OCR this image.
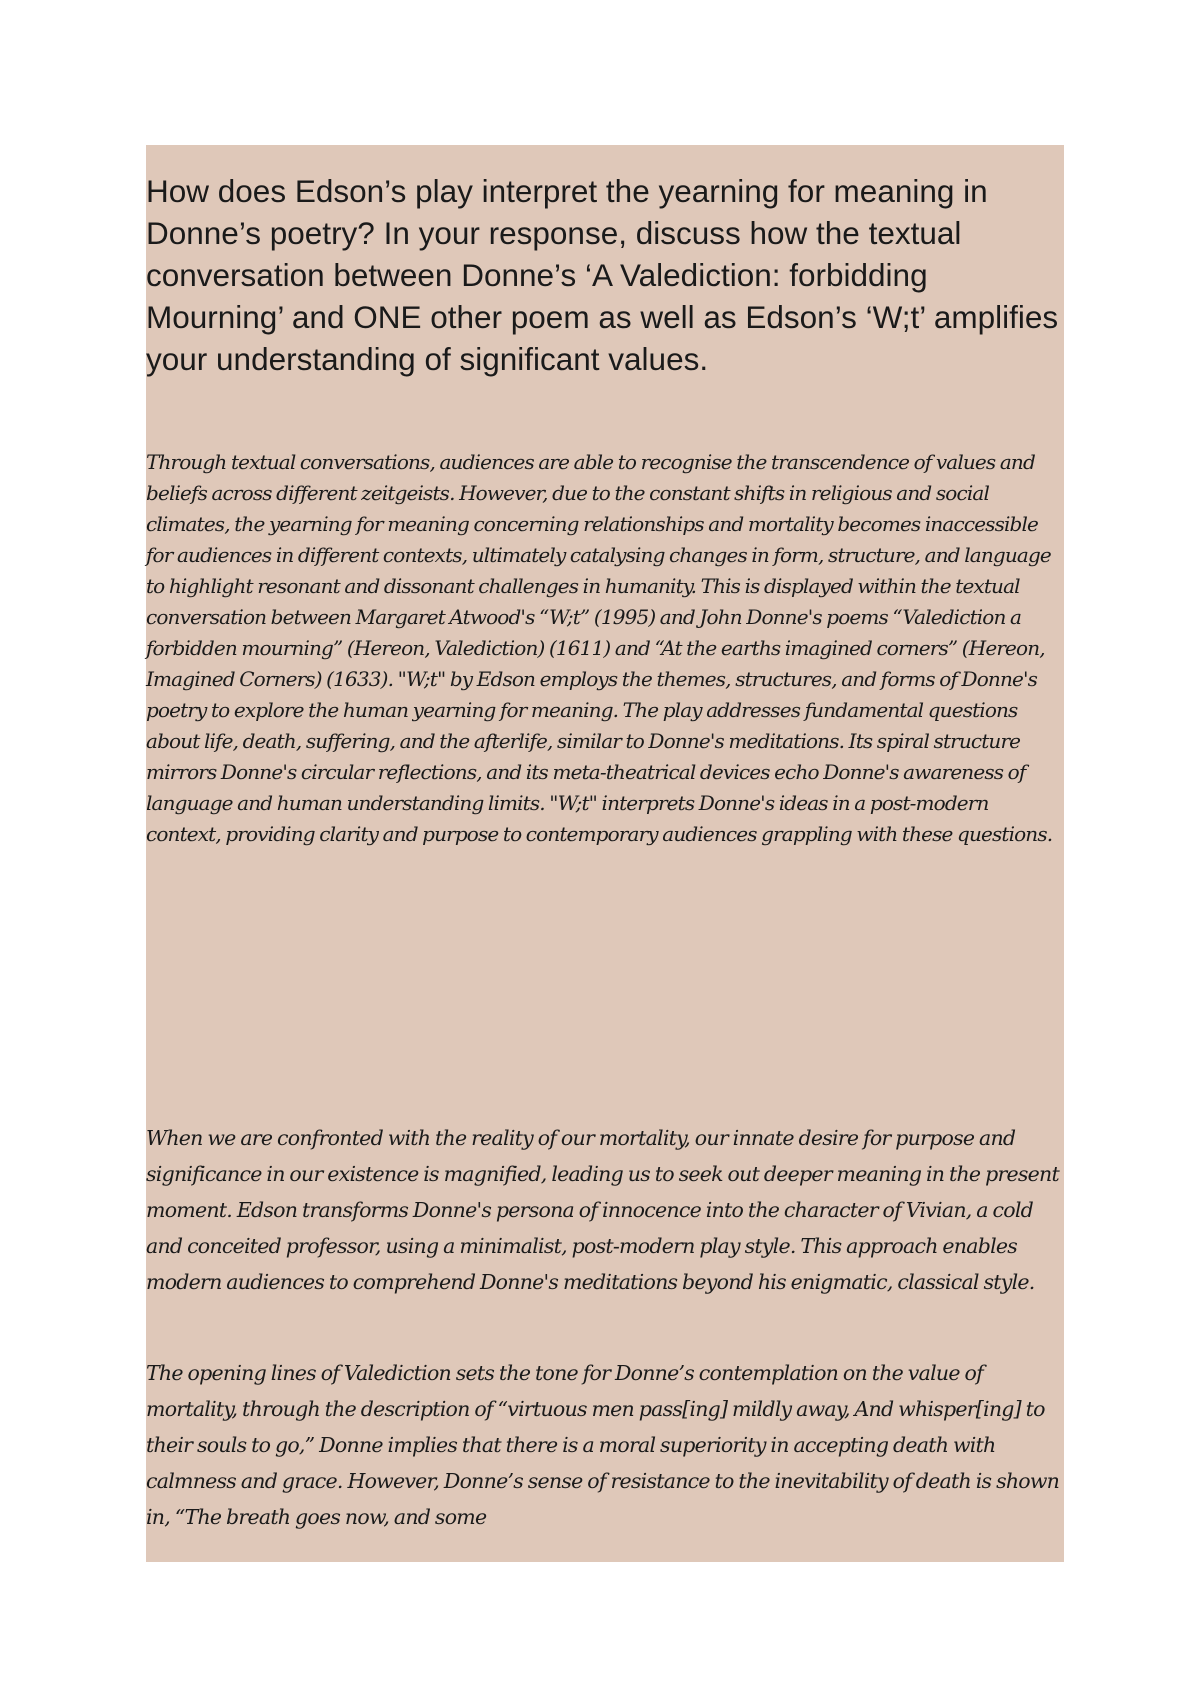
How does Edson’s play interpret the yearning for meaning in Donne’s poetry? In your response, discuss how the textual conversation between Donne’s ‘A Valediction: forbidding Mourning’ and ONE other poem as well as Edson’s ‘W;t’ amplifies your understanding of significant values.

Through textual conversations, audiences are able to recognise the transcendence of values and beliefs across different zeitgeists. However, due to the constant shifts in religious and social climates, the yearning for meaning concerning relationships and mortality becomes inaccessible for audiences in different contexts, ultimately catalysing changes in form, structure, and language to highlight resonant and dissonant challenges in humanity. This is displayed within the textual conversation between Margaret Atwood's “W;t” (1995) and John Donne's poems “Valediction a forbidden mourning” (Hereon, Valediction) (1611) and “At the earths imagined corners” (Hereon, Imagined Corners) (1633). "W;t" by Edson employs the themes, structures, and forms of Donne's poetry to explore the human yearning for meaning. The play addresses fundamental questions about life, death, suffering, and the afterlife, similar to Donne's meditations. Its spiral structure mirrors Donne's circular reflections, and its meta-theatrical devices echo Donne's awareness of language and human understanding limits. "W;t" interprets Donne's ideas in a post-modern context, providing clarity and purpose to contemporary audiences grappling with these questions.

When we are confronted with the reality of our mortality, our innate desire for purpose and significance in our existence is magnified, leading us to seek out deeper meaning in the present moment. Edson transforms Donne's persona of innocence into the character of Vivian, a cold and conceited professor, using a minimalist, post-modern play style. This approach enables modern audiences to comprehend Donne's meditations beyond his enigmatic, classical style.

The opening lines of Valediction sets the tone for Donne’s contemplation on the value of mortality, through the description of “virtuous men pass[ing] mildly away, And whisper[ing] to their souls to go,” Donne implies that there is a moral superiority in accepting death with calmness and grace. However, Donne’s sense of resistance to the inevitability of death is shown in, “The breath goes now, and some
